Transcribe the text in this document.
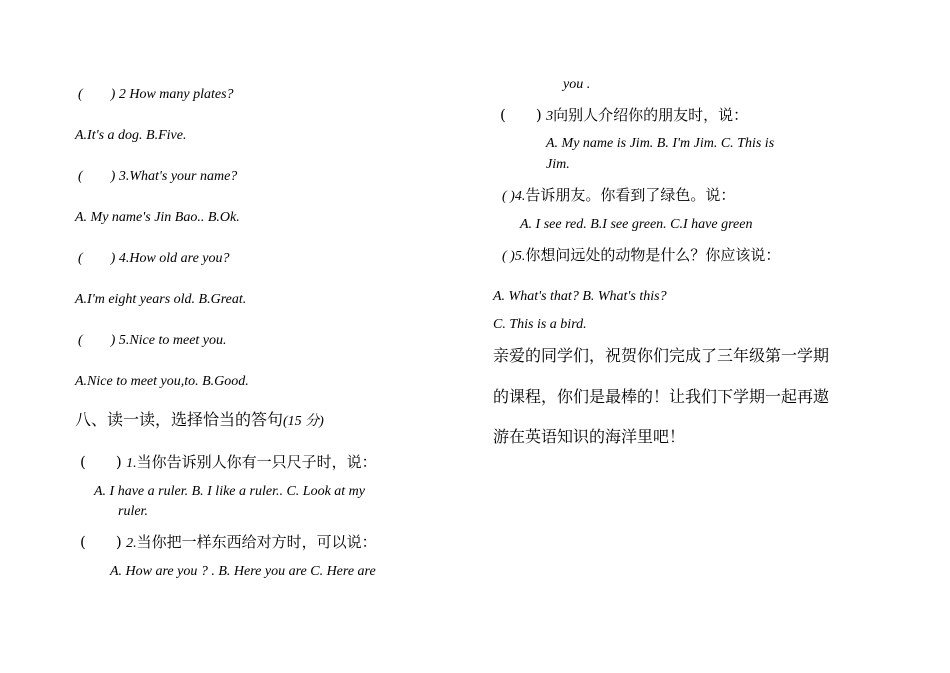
(　　) 2 How many plates?
A.It's a dog. B.Five.
(　　) 3.What's your name?
A. My name's Jin Bao.. B.Ok.
(　　) 4.How old are you?
A.I'm eight years old. B.Great.
(　　) 5.Nice to meet you.
A.Nice to meet you,to. B.Good.
八、读一读，选择恰当的答句(15 分)
(　　) 1.当你告诉别人你有一只尺子时，说：
A. I have a ruler. B. I like a ruler.. C. Look at my
ruler.
(　　) 2.当你把一样东西给对方时，可以说：
A. How are you ? . B. Here you are C. Here are
you .
(　　) 3向别人介绍你的朋友时，说：
A. My name is Jim. B. I'm Jim. C. This is
Jim.
( )4.告诉朋友。你看到了绿色。说：
A. I see red. B.I see green. C.I have green
( )5.你想问远处的动物是什么？你应该说：
A. What's that? B. What's this?
C. This is a bird.
亲爱的同学们，祝贺你们完成了三年级第一学期
的课程，你们是最棒的！让我们下学期一起再遨
游在英语知识的海洋里吧！
